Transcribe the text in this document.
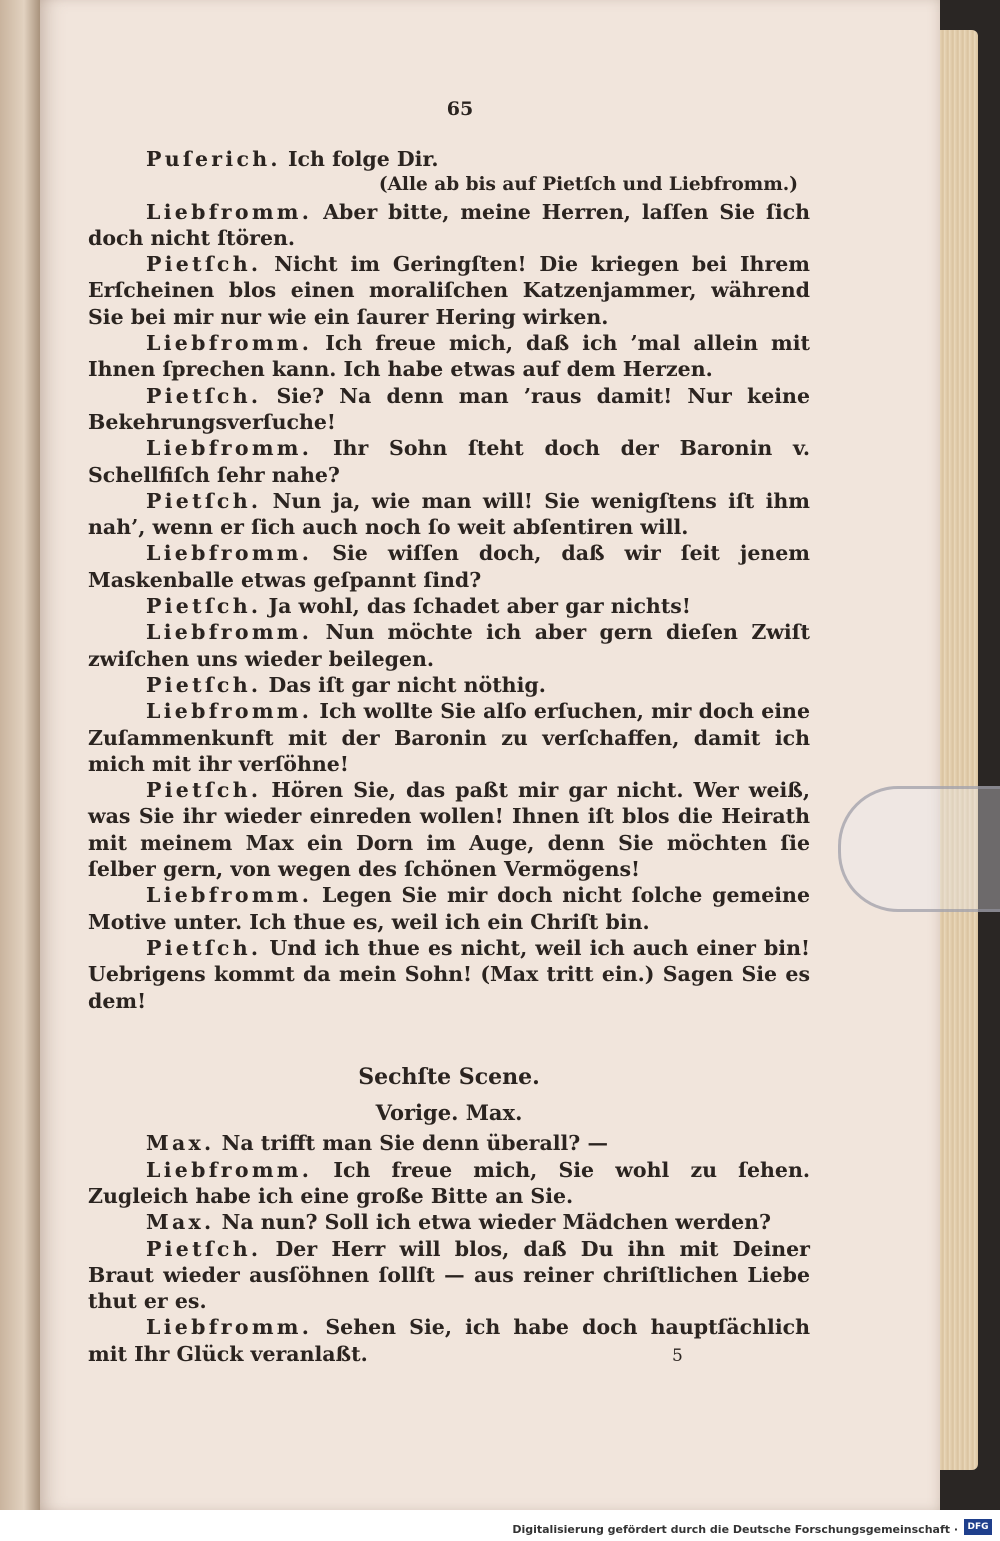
65

Puſerich. Ich folge Dir.

(Alle ab bis auf Pietſch und Liebfromm.)

Liebfromm. Aber bitte, meine Herren, laſſen Sie ſich doch nicht ſtören.

Pietſch. Nicht im Geringſten! Die kriegen bei Ihrem Erſcheinen blos einen moraliſchen Katzenjammer, während Sie bei mir nur wie ein ſaurer Hering wirken.

Liebfromm. Ich freue mich, daß ich ’mal allein mit Ihnen ſprechen kann. Ich habe etwas auf dem Herzen.

Pietſch. Sie? Na denn man ’raus damit! Nur keine Bekehrungsverſuche!

Liebfromm. Ihr Sohn ſteht doch der Baronin v. Schellfiſch ſehr nahe?

Pietſch. Nun ja, wie man will! Sie wenigſtens iſt ihm nah’, wenn er ſich auch noch ſo weit abſentiren will.

Liebfromm. Sie wiſſen doch, daß wir ſeit jenem Maskenballe etwas geſpannt ſind?

Pietſch. Ja wohl, das ſchadet aber gar nichts!

Liebfromm. Nun möchte ich aber gern dieſen Zwiſt zwiſchen uns wieder beilegen.

Pietſch. Das iſt gar nicht nöthig.

Liebfromm. Ich wollte Sie alſo erſuchen, mir doch eine Zuſammenkunft mit der Baronin zu verſchaffen, damit ich mich mit ihr verſöhne!

Pietſch. Hören Sie, das paßt mir gar nicht. Wer weiß, was Sie ihr wieder einreden wollen! Ihnen iſt blos die Heirath mit meinem Max ein Dorn im Auge, denn Sie möchten ſie ſelber gern, von wegen des ſchönen Vermögens!

Liebfromm. Legen Sie mir doch nicht ſolche gemeine Motive unter. Ich thue es, weil ich ein Chriſt bin.

Pietſch. Und ich thue es nicht, weil ich auch einer bin! Uebrigens kommt da mein Sohn! (Max tritt ein.) Sagen Sie es dem!

Sechſte Scene.
Vorige. Max.

Max. Na trifft man Sie denn überall? —

Liebfromm. Ich freue mich, Sie wohl zu ſehen. Zugleich habe ich eine große Bitte an Sie.

Max. Na nun? Soll ich etwa wieder Mädchen werden?

Pietſch. Der Herr will blos, daß Du ihn mit Deiner Braut wieder ausſöhnen ſollſt — aus reiner chriſtlichen Liebe thut er es.

Liebfromm. Sehen Sie, ich habe doch hauptſächlich mit Ihr Glück veranlaßt.	5
Digitalisierung gefördert durch die Deutsche Forschungsgemeinschaft ·	DFG
